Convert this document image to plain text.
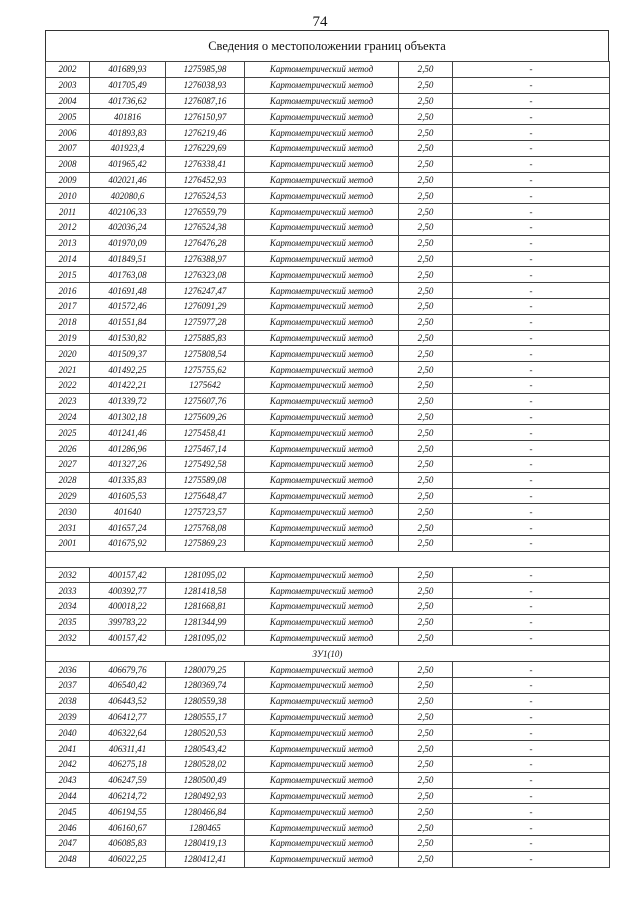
74
Сведения о местоположении границ объекта
2002	401689,93	1275985,98	Картометрический метод	2,50	-
2003	401705,49	1276038,93	Картометрический метод	2,50	-
2004	401736,62	1276087,16	Картометрический метод	2,50	-
2005	401816	1276150,97	Картометрический метод	2,50	-
2006	401893,83	1276219,46	Картометрический метод	2,50	-
2007	401923,4	1276229,69	Картометрический метод	2,50	-
2008	401965,42	1276338,41	Картометрический метод	2,50	-
2009	402021,46	1276452,93	Картометрический метод	2,50	-
2010	402080,6	1276524,53	Картометрический метод	2,50	-
2011	402106,33	1276559,79	Картометрический метод	2,50	-
2012	402036,24	1276524,38	Картометрический метод	2,50	-
2013	401970,09	1276476,28	Картометрический метод	2,50	-
2014	401849,51	1276388,97	Картометрический метод	2,50	-
2015	401763,08	1276323,08	Картометрический метод	2,50	-
2016	401691,48	1276247,47	Картометрический метод	2,50	-
2017	401572,46	1276091,29	Картометрический метод	2,50	-
2018	401551,84	1275977,28	Картометрический метод	2,50	-
2019	401530,82	1275885,83	Картометрический метод	2,50	-
2020	401509,37	1275808,54	Картометрический метод	2,50	-
2021	401492,25	1275755,62	Картометрический метод	2,50	-
2022	401422,21	1275642	Картометрический метод	2,50	-
2023	401339,72	1275607,76	Картометрический метод	2,50	-
2024	401302,18	1275609,26	Картометрический метод	2,50	-
2025	401241,46	1275458,41	Картометрический метод	2,50	-
2026	401286,96	1275467,14	Картометрический метод	2,50	-
2027	401327,26	1275492,58	Картометрический метод	2,50	-
2028	401335,83	1275589,08	Картометрический метод	2,50	-
2029	401605,53	1275648,47	Картометрический метод	2,50	-
2030	401640	1275723,57	Картометрический метод	2,50	-
2031	401657,24	1275768,08	Картометрический метод	2,50	-
2001	401675,92	1275869,23	Картометрический метод	2,50	-

2032	400157,42	1281095,02	Картометрический метод	2,50	-
2033	400392,77	1281418,58	Картометрический метод	2,50	-
2034	400018,22	1281668,81	Картометрический метод	2,50	-
2035	399783,22	1281344,99	Картометрический метод	2,50	-
2032	400157,42	1281095,02	Картометрический метод	2,50	-
ЗУ1(10)					
2036	406679,76	1280079,25	Картометрический метод	2,50	-
2037	406540,42	1280369,74	Картометрический метод	2,50	-
2038	406443,52	1280559,38	Картометрический метод	2,50	-
2039	406412,77	1280555,17	Картометрический метод	2,50	-
2040	406322,64	1280520,53	Картометрический метод	2,50	-
2041	406311,41	1280543,42	Картометрический метод	2,50	-
2042	406275,18	1280528,02	Картометрический метод	2,50	-
2043	406247,59	1280500,49	Картометрический метод	2,50	-
2044	406214,72	1280492,93	Картометрический метод	2,50	-
2045	406194,55	1280466,84	Картометрический метод	2,50	-
2046	406160,67	1280465	Картометрический метод	2,50	-
2047	406085,83	1280419,13	Картометрический метод	2,50	-
2048	406022,25	1280412,41	Картометрический метод	2,50	-
